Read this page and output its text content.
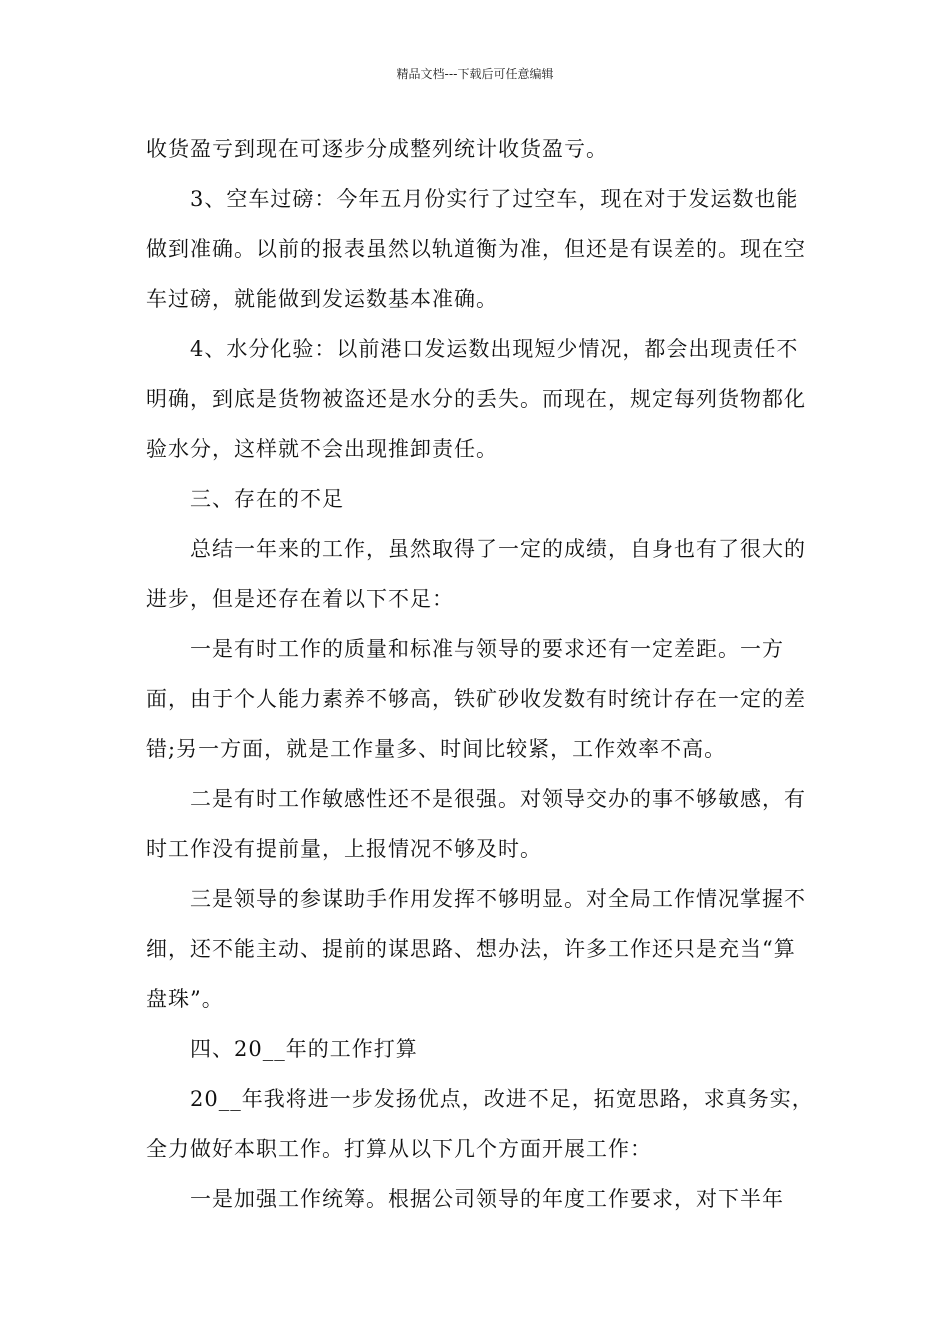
精品文档---下载后可任意编辑

收货盈亏到现在可逐步分成整列统计收货盈亏。

3、空车过磅：今年五月份实行了过空车，现在对于发运数也能做到准确。以前的报表虽然以轨道衡为准，但还是有误差的。现在空车过磅，就能做到发运数基本准确。

4、水分化验：以前港口发运数出现短少情况，都会出现责任不明确，到底是货物被盗还是水分的丢失。而现在，规定每列货物都化验水分，这样就不会出现推卸责任。

三、存在的不足

总结一年来的工作，虽然取得了一定的成绩，自身也有了很大的进步，但是还存在着以下不足：

一是有时工作的质量和标准与领导的要求还有一定差距。一方面，由于个人能力素养不够高，铁矿砂收发数有时统计存在一定的差错;另一方面，就是工作量多、时间比较紧，工作效率不高。

二是有时工作敏感性还不是很强。对领导交办的事不够敏感，有时工作没有提前量，上报情况不够及时。

三是领导的参谋助手作用发挥不够明显。对全局工作情况掌握不细，还不能主动、提前的谋思路、想办法，许多工作还只是充当“算盘珠”。

四、20__年的工作打算

20__年我将进一步发扬优点，改进不足，拓宽思路，求真务实，全力做好本职工作。打算从以下几个方面开展工作：

一是加强工作统筹。根据公司领导的年度工作要求，对下半年
